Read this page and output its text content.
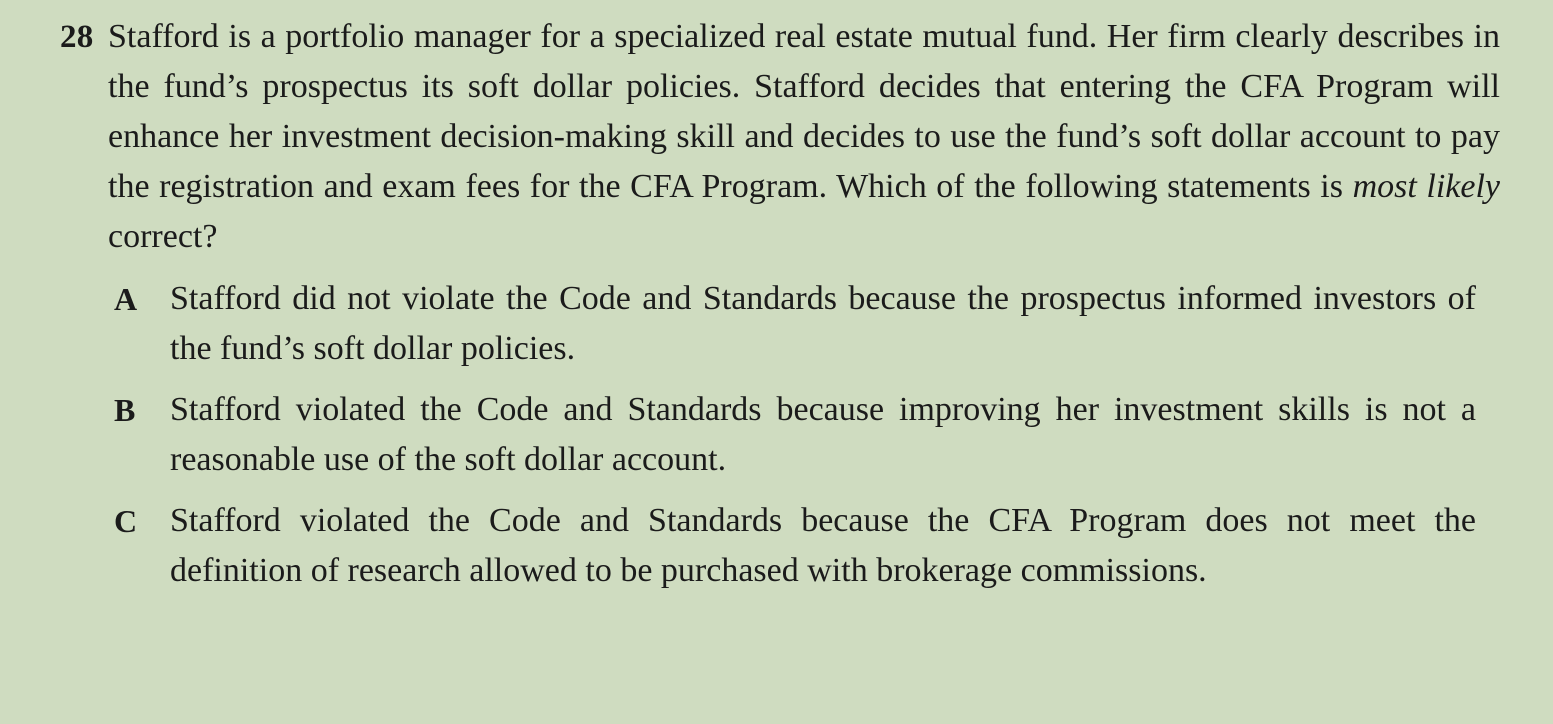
28 Stafford is a portfolio manager for a specialized real estate mutual fund. Her firm clearly describes in the fund’s prospectus its soft dollar policies. Stafford decides that entering the CFA Program will enhance her investment decision-making skill and decides to use the fund’s soft dollar account to pay the registration and exam fees for the CFA Program. Which of the following statements is most likely correct?

A Stafford did not violate the Code and Standards because the prospectus informed investors of the fund’s soft dollar policies.
B	Stafford violated the Code and Standards because improving her investment skills is not a reasonable use of the soft dollar account.
C Stafford violated the Code and Standards because the CFA Program does not meet the definition of research allowed to be purchased with brokerage commissions.
